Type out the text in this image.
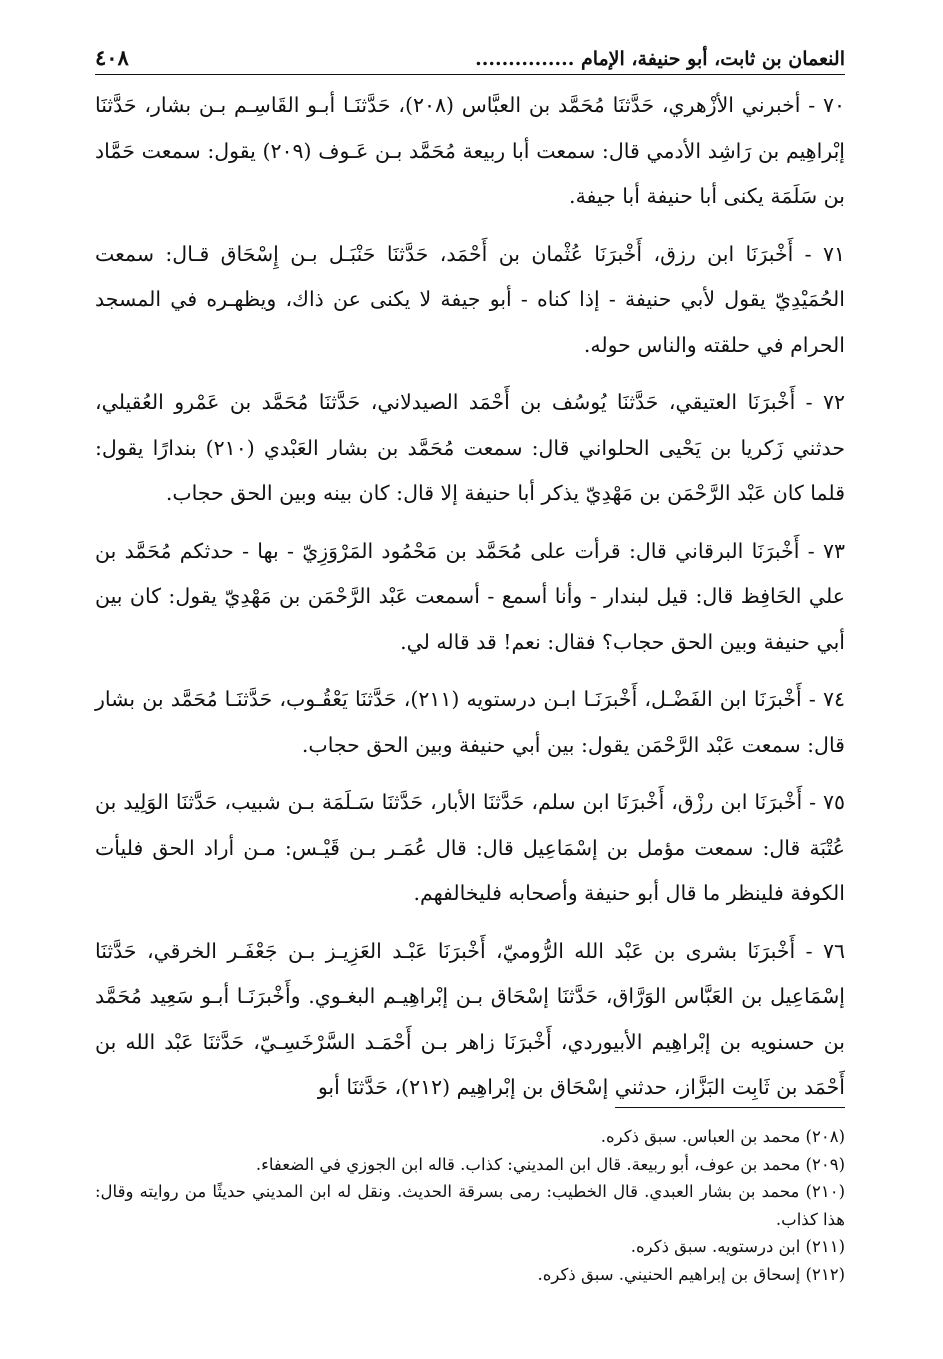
النعمان بن ثابت، أبو حنيفة، الإمام ...............
٤٠٨

٧٠ - أخبرني الأزْهري، حَدَّثنَا مُحَمَّد بن العبَّاس (٢٠٨)، حَدَّثنَـا أبـو القَاسِـم بـن بشار، حَدَّثنَا إبْراهِيم بن رَاشِد الأدمي قال: سمعت أبا ربيعة مُحَمَّد بـن عَـوف (٢٠٩) يقول: سمعت حَمَّاد بن سَلَمَة يكنى أبا حنيفة أبا جيفة.

٧١ - أَخْبرَنَا ابن رزق، أَخْبرَنَا عُثْمان بن أَحْمَد، حَدَّثنَا حَنْبَـل بـن إِسْحَاق قـال: سمعت الحُمَيْدِيّ يقول لأبي حنيفة - إذا كناه - أبو جيفة لا يكنى عن ذاك، ويظهـره في المسجد الحرام في حلقته والناس حوله.

٧٢ - أَخْبرَنَا العتيقي، حَدَّثنَا يُوسُف بن أَحْمَد الصيدلاني، حَدَّثنَا مُحَمَّد بن عَمْرو العُقيلي، حدثني زَكريا بن يَحْيى الحلواني قال: سمعت مُحَمَّد بن بشار العَبْدي (٢١٠) بندارًا يقول: قلما كان عَبْد الرَّحْمَن بن مَهْدِيّ يذكر أبا حنيفة إلا قال: كان بينه وبين الحق حجاب.

٧٣ - أَخْبرَنَا البرقاني قال: قرأت على مُحَمَّد بن مَحْمُود المَرْوَزِيّ - بها - حدثكم مُحَمَّد بن علي الحَافِظ قال: قيل لبندار - وأنا أسمع - أسمعت عَبْد الرَّحْمَن بن مَهْدِيّ يقول: كان بين أبي حنيفة وبين الحق حجاب؟ فقال: نعم! قد قاله لي.

٧٤ - أَخْبرَنَا ابن الفَضْـل، أَخْبرَنَـا ابـن درستويه (٢١١)، حَدَّثنَا يَعْقُـوب، حَدَّثنَـا مُحَمَّد بن بشار قال: سمعت عَبْد الرَّحْمَن يقول: بين أبي حنيفة وبين الحق حجاب.

٧٥ - أَخْبرَنَا ابن رزْق، أَخْبرَنَا ابن سلم، حَدَّثنَا الأبار، حَدَّثنَا سَـلَمَة بـن شبيب، حَدَّثنَا الوَلِيد بن عُتْبَة قال: سمعت مؤمل بن إسْمَاعِيل قال: قال عُمَـر بـن قَيْـس: مـن أراد الحق فليأت الكوفة فلينظر ما قال أبو حنيفة وأصحابه فليخالفهم.

٧٦ - أَخْبرَنَا بشرى بن عَبْد الله الرُّوميّ، أَخْبرَنَا عَبْـد العَزِيـز بـن جَعْفَـر الخرقي، حَدَّثنَا إسْمَاعِيل بن العَبَّاس الوَرَّاق، حَدَّثنَا إسْحَاق بـن إبْراهِيـم البغـوي. وأَخْبرَنَـا أبـو سَعِيد مُحَمَّد بن حسنويه بن إبْراهِيم الأبيوردي، أَخْبرَنَا زاهر بـن أَحْمَـد السَّرْخَسِـيّ، حَدَّثنَا عَبْد الله بن أَحْمَد بن ثَابِت البَزَّاز، حدثني إسْحَاق بن إبْراهِيم (٢١٢)، حَدَّثنَا أبو

(٢٠٨) محمد بن العباس. سبق ذكره.

(٢٠٩) محمد بن عوف، أبو ربيعة. قال ابن المديني: كذاب. قاله ابن الجوزي في الضعفاء.

(٢١٠) محمد بن بشار العبدي. قال الخطيب: رمى بسرقة الحديث. ونقل له ابن المديني حديثًا من روايته وقال: هذا كذاب.

(٢١١) ابن درستويه. سبق ذكره.

(٢١٢) إسحاق بن إبراهيم الحنيني. سبق ذكره.
